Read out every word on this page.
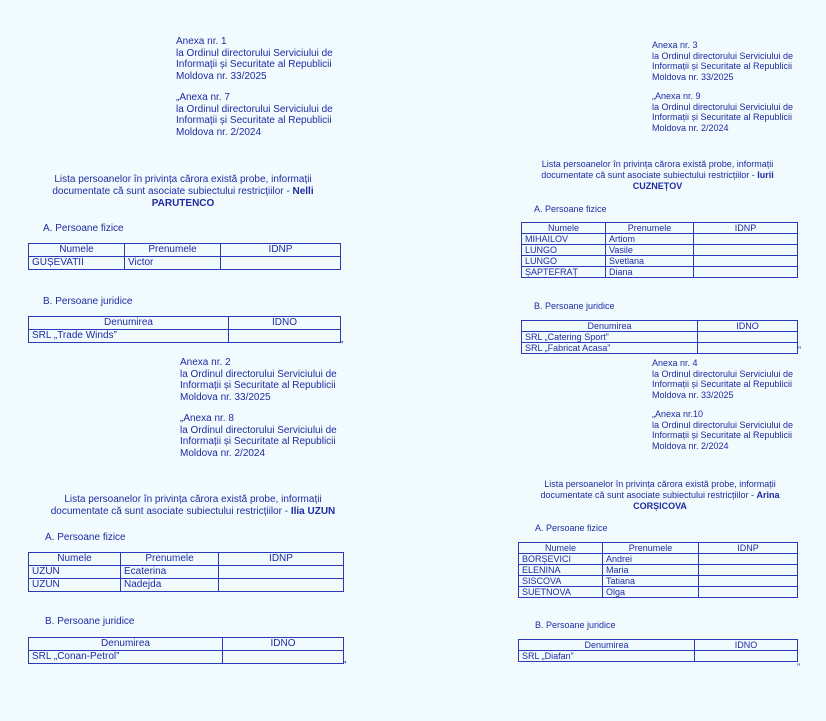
Anexa nr. 1
la Ordinul directorului Serviciului de
Informații și Securitate al Republicii
Moldova nr. 33/2025
„Anexa nr. 7
la Ordinul directorului Serviciului de
Informații și Securitate al Republicii
Moldova nr. 2/2024
Lista persoanelor în privința cărora există probe, informații
documentate că sunt asociate subiectului restricțiilor - Nelli
PARUTENCO
A. Persoane fizice
Numele	Prenumele	IDNP
GUȘEVATÎI	Victor	
B. Persoane juridice
Denumirea	IDNO
SRL „Trade Winds”	
”
Anexa nr. 3
la Ordinul directorului Serviciului de
Informații și Securitate al Republicii
Moldova nr. 33/2025
„Anexa nr. 9
la Ordinul directorului Serviciului de
Informații și Securitate al Republicii
Moldova nr. 2/2024
Lista persoanelor în privința cărora există probe, informații
documentate că sunt asociate subiectului restricțiilor - Iurii
CUZNEȚOV
A. Persoane fizice
Numele	Prenumele	IDNP
MIHAILOV	Artiom	
LUNGO	Vasile	
LUNGO	Svetlana	
ȘAPTEFRAȚ	Diana	
B. Persoane juridice
Denumirea	IDNO
SRL „Catering Sport”	
SRL „Fabricat Acasa”		”
Anexa nr. 2
la Ordinul directorului Serviciului de
Informații și Securitate al Republicii
Moldova nr. 33/2025
„Anexa nr. 8
la Ordinul directorului Serviciului de
Informații și Securitate al Republicii
Moldova nr. 2/2024
Lista persoanelor în privința cărora există probe, informații
documentate că sunt asociate subiectului restricțiilor - Ilia UZUN
A. Persoane fizice
Numele	Prenumele	IDNP
UZUN	Ecaterina	
UZUN	Nadejda	
B. Persoane juridice
Denumirea	IDNO
SRL „Conan-Petrol”	
”
Anexa nr. 4
la Ordinul directorului Serviciului de
Informații și Securitate al Republicii
Moldova nr. 33/2025
„Anexa nr.10
la Ordinul directorului Serviciului de
Informații și Securitate al Republicii
Moldova nr. 2/2024
Lista persoanelor în privința cărora există probe, informații
documentate că sunt asociate subiectului restricțiilor - Arina
CORȘICOVA
A. Persoane fizice
Numele	Prenumele	IDNP
BORȘEVICI	Andrei	
ELENINA	Maria	
SISCOVA	Tatiana	
SUETNOVA	Olga	
B. Persoane juridice
Denumirea	IDNO
SRL „Diafan”	
”
